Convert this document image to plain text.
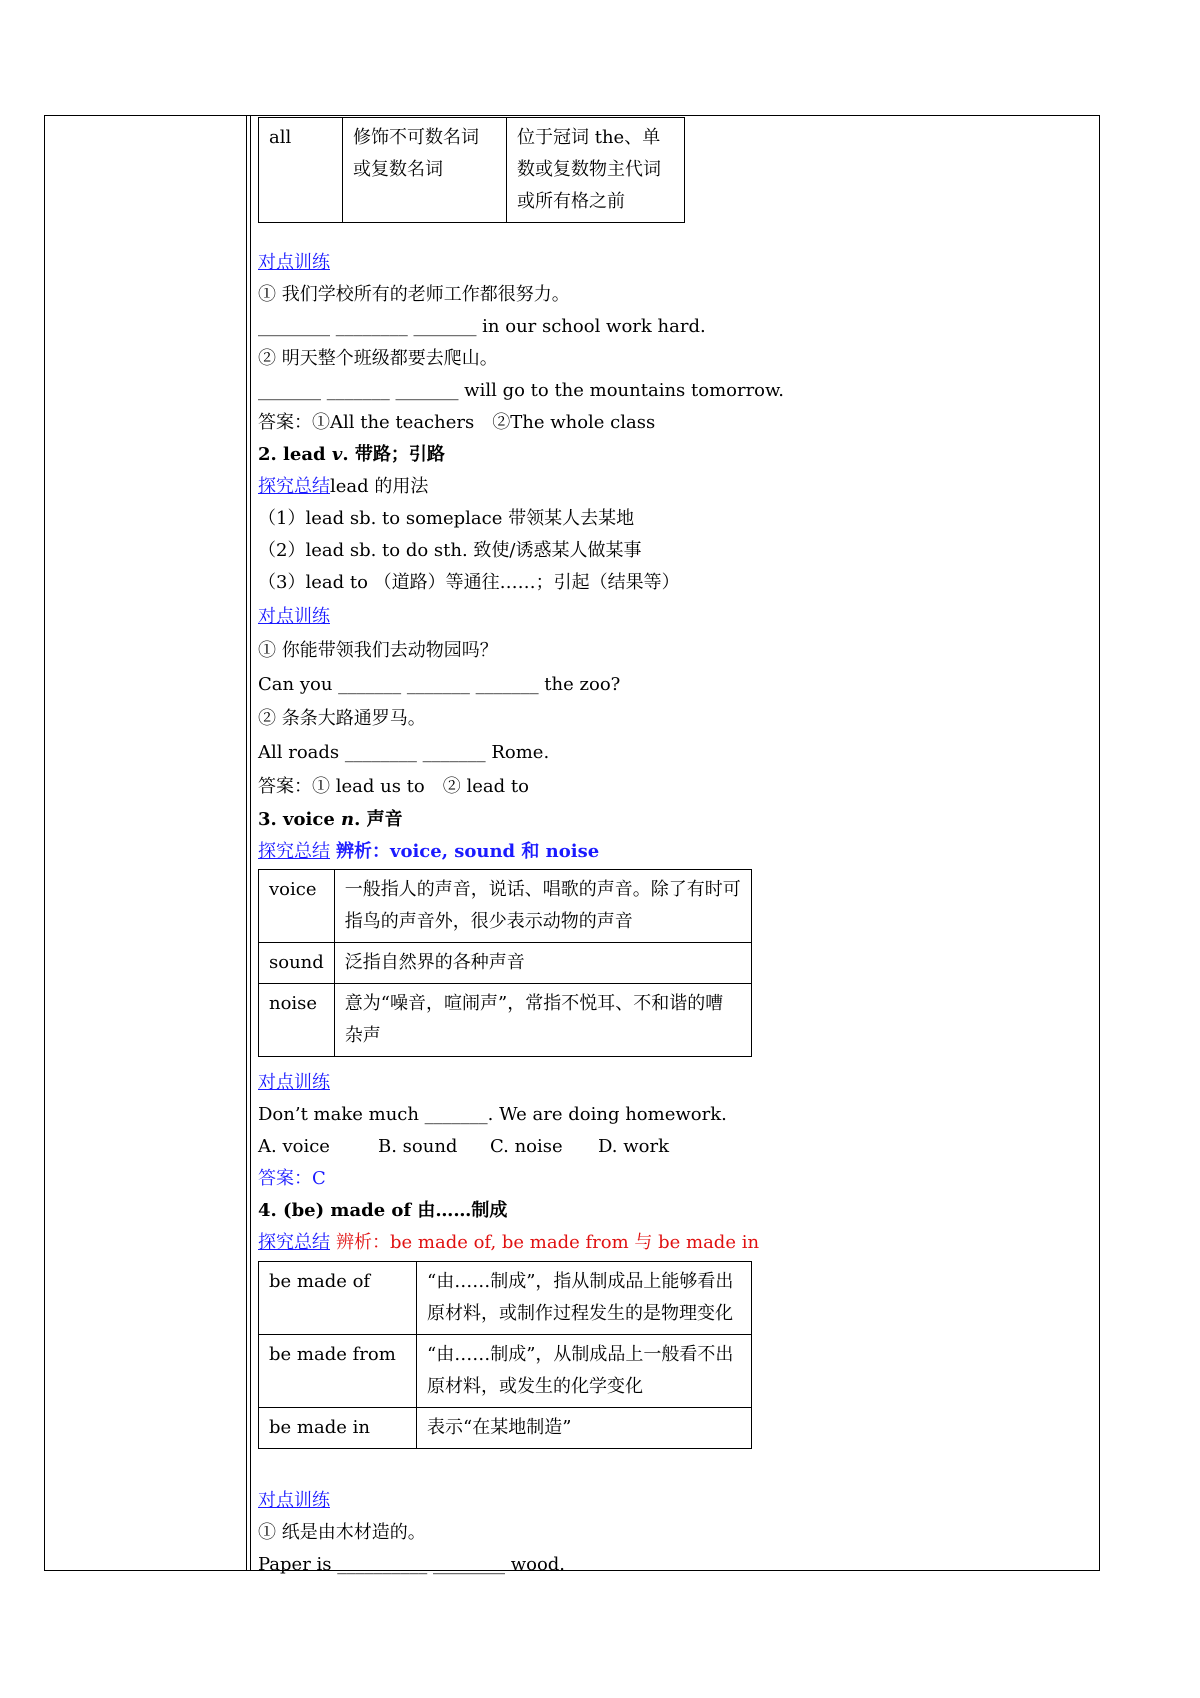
all	修饰不可数名词或复数名词	位于冠词 the、单数或复数物主代词或所有格之前
对点训练
① 我们学校所有的老师工作都很努力。
________ ________ _______ in our school work hard.
② 明天整个班级都要去爬山。
_______ _______ _______ will go to the mountains tomorrow.
答案：①All the teachers　②The whole class
2. lead v. 带路；引路
探究总结lead 的用法
（1）lead sb. to someplace 带领某人去某地
（2）lead sb. to do sth. 致使/诱惑某人做某事
（3）lead to （道路）等通往……；引起（结果等）
对点训练
① 你能带领我们去动物园吗？
Can you _______ _______ _______ the zoo?
② 条条大路通罗马。
All roads ________ _______ Rome.
答案：① lead us to　② lead to
3. voice n. 声音
探究总结 辨析：voice, sound 和 noise
voice	一般指人的声音，说话、唱歌的声音。除了有时可指鸟的声音外，很少表示动物的声音
sound	泛指自然界的各种声音
noise	意为“噪音，喧闹声”，常指不悦耳、不和谐的嘈杂声
对点训练
Don’t make much _______. We are doing homework.
A. voice	B. sound C. noise D. work
答案：C
4. (be) made of 由……制成
探究总结 辨析：be made of, be made from 与 be made in
be made of	“由……制成”，指从制成品上能够看出原材料，或制作过程发生的是物理变化
be made from	“由……制成”，从制成品上一般看不出原材料，或发生的化学变化
be made in	表示“在某地制造”
对点训练
① 纸是由木材造的。
Paper is __________ ________ wood.
